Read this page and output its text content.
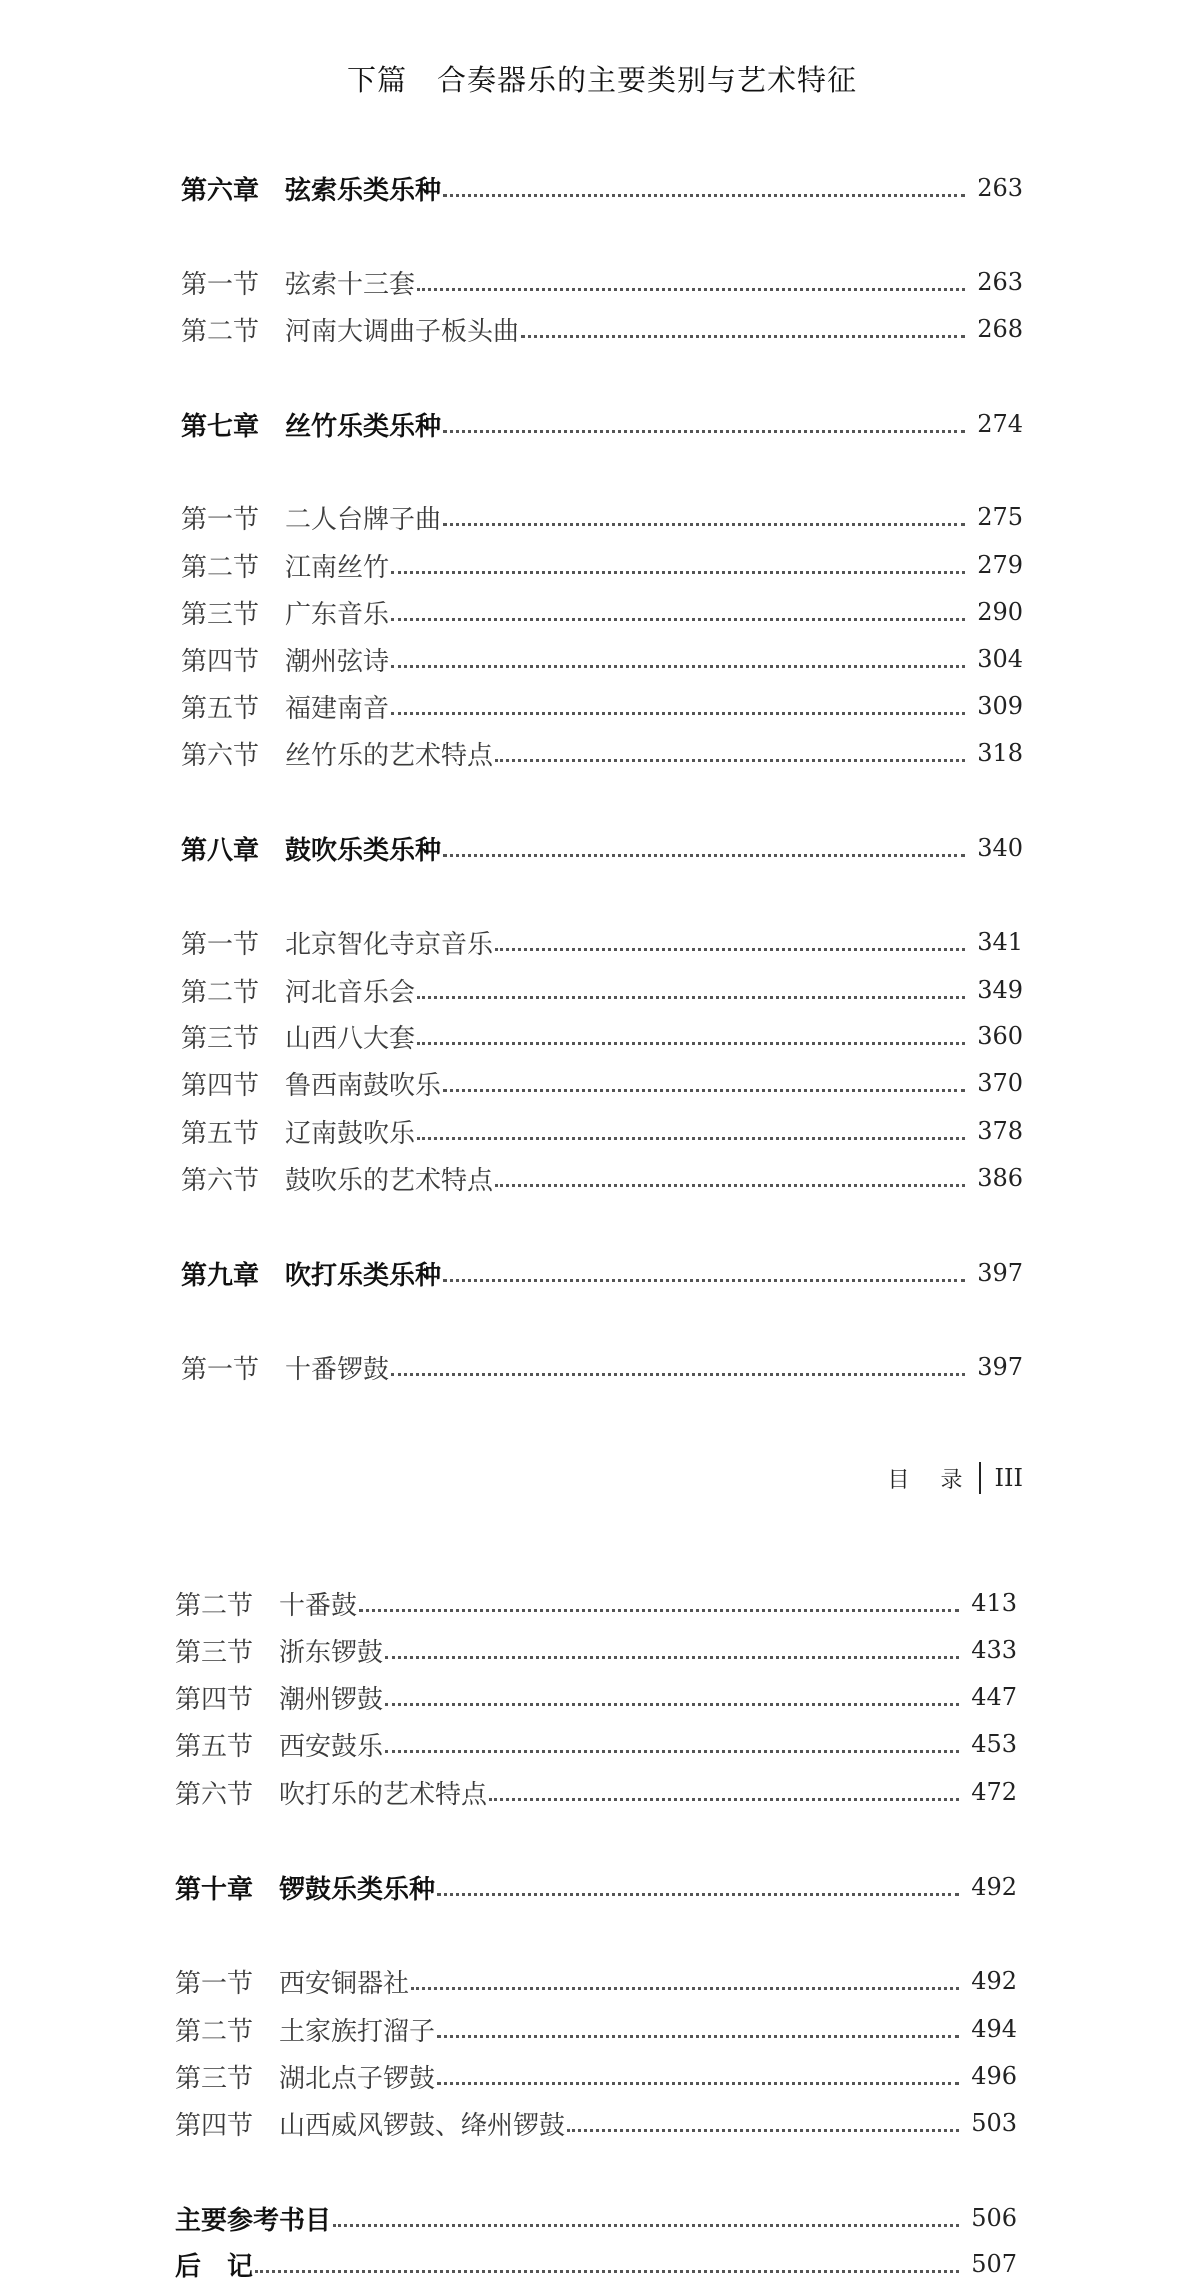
下篇 合奏器乐的主要类别与艺术特征
第六章 弦索乐类乐种	263
第一节 弦索十三套	263
第二节 河南大调曲子板头曲	268
第七章 丝竹乐类乐种	274
第一节 二人台牌子曲	275
第二节 江南丝竹	279
第三节 广东音乐	290
第四节 潮州弦诗	304
第五节 福建南音	309
第六节 丝竹乐的艺术特点	318
第八章 鼓吹乐类乐种	340
第一节 北京智化寺京音乐	341
第二节 河北音乐会	349
第三节 山西八大套	360
第四节 鲁西南鼓吹乐	370
第五节 辽南鼓吹乐	378
第六节 鼓吹乐的艺术特点	386
第九章 吹打乐类乐种	397
第一节 十番锣鼓	397
目 录 III
第二节 十番鼓	413
第三节 浙东锣鼓	433
第四节 潮州锣鼓	447
第五节 西安鼓乐	453
第六节 吹打乐的艺术特点	472
第十章 锣鼓乐类乐种	492
第一节 西安铜器社	492
第二节 土家族打溜子	494
第三节 湖北点子锣鼓	496
第四节 山西威风锣鼓、绛州锣鼓	503
主要参考书目	506
后　记	507
